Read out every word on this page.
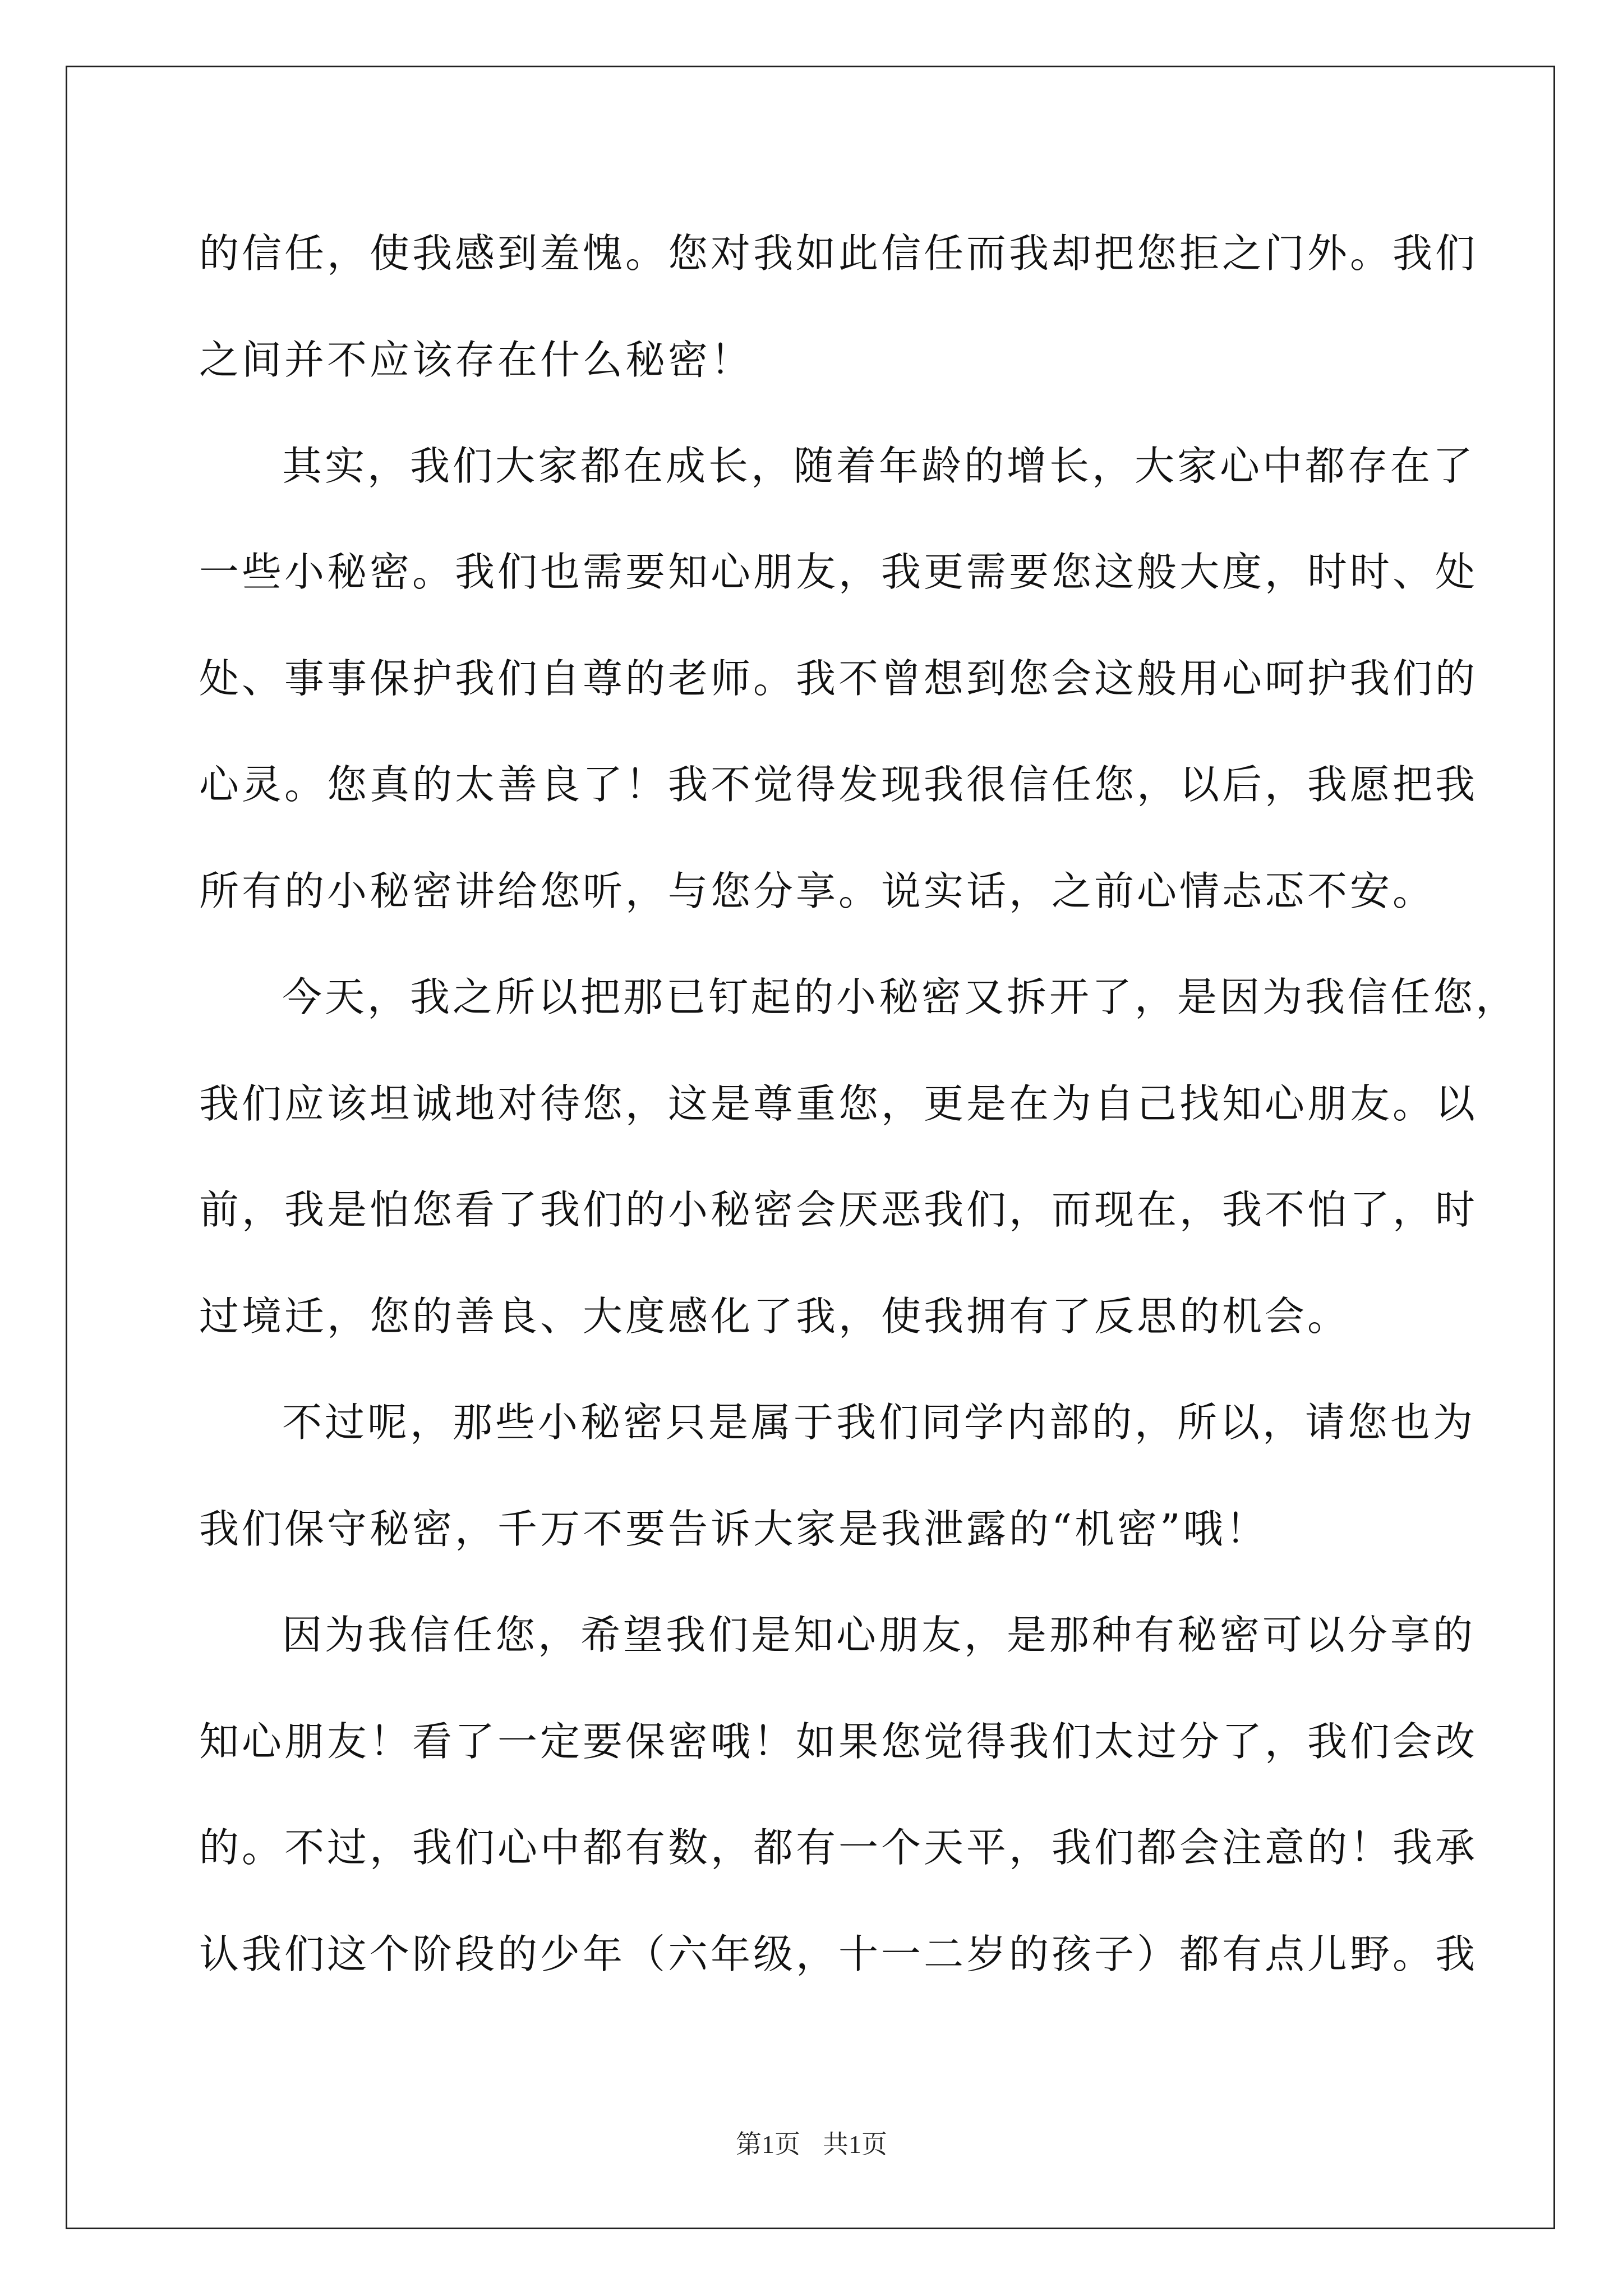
的信任，使我感到羞愧。您对我如此信任而我却把您拒之门外。我们
之间并不应该存在什么秘密！
其实，我们大家都在成长，随着年龄的增长，大家心中都存在了
一些小秘密。我们也需要知心朋友，我更需要您这般大度，时时、处
处、事事保护我们自尊的老师。我不曾想到您会这般用心呵护我们的
心灵。您真的太善良了！我不觉得发现我很信任您，以后，我愿把我
所有的小秘密讲给您听，与您分享。说实话，之前心情忐忑不安。
今天，我之所以把那已钉起的小秘密又拆开了，是因为我信任您，
我们应该坦诚地对待您，这是尊重您，更是在为自己找知心朋友。以
前，我是怕您看了我们的小秘密会厌恶我们，而现在，我不怕了，时
过境迁，您的善良、大度感化了我，使我拥有了反思的机会。
不过呢，那些小秘密只是属于我们同学内部的，所以，请您也为
我们保守秘密，千万不要告诉大家是我泄露的“机密”哦！
因为我信任您，希望我们是知心朋友，是那种有秘密可以分享的
知心朋友！看了一定要保密哦！如果您觉得我们太过分了，我们会改
的。不过，我们心中都有数，都有一个天平，我们都会注意的！我承
认我们这个阶段的少年（六年级，十一二岁的孩子）都有点儿野。我
第1页 共1页
